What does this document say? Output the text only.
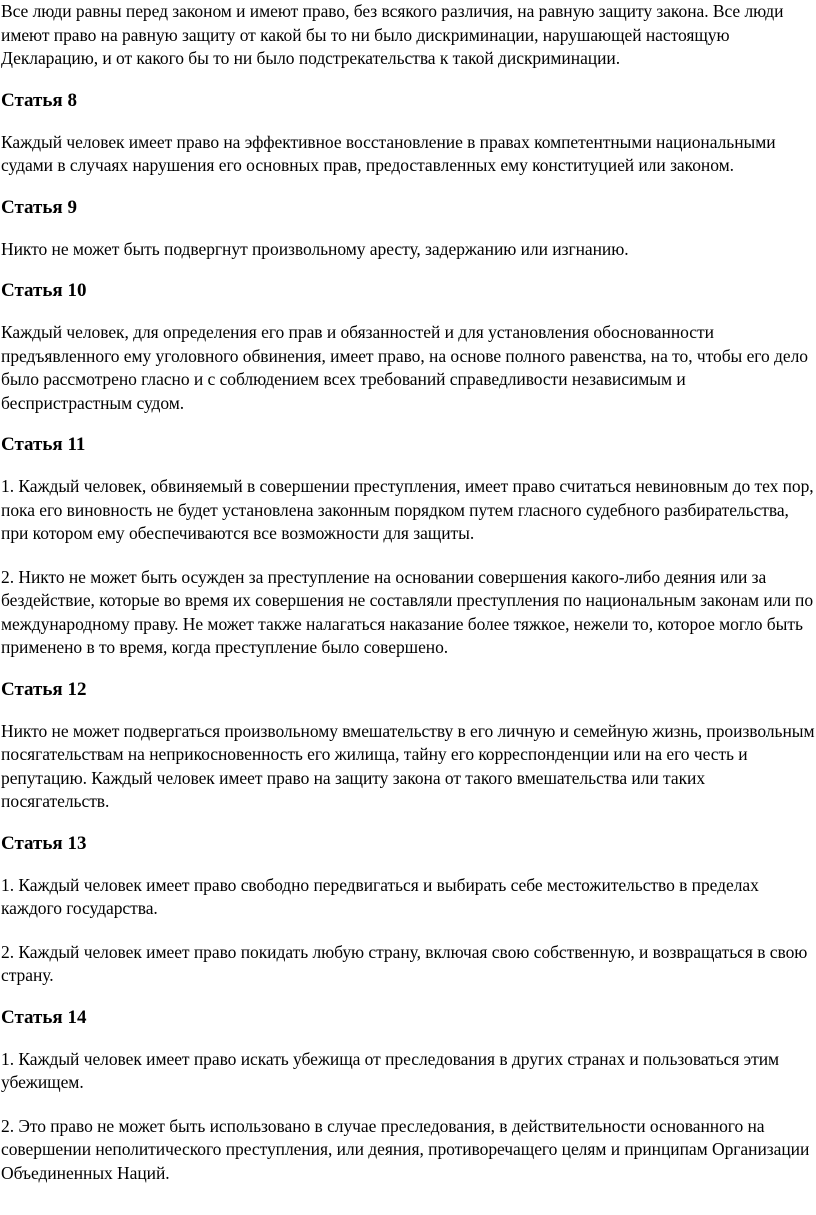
Все люди равны перед законом и имеют право, без всякого различия, на равную защиту закона. Все люди имеют право на равную защиту от какой бы то ни было дискриминации, нарушающей настоящую Декларацию, и от какого бы то ни было подстрекательства к такой дискриминации.

Статья 8

Каждый человек имеет право на эффективное восстановление в правах компетентными национальными судами в случаях нарушения его основных прав, предоставленных ему конституцией или законом.

Статья 9

Никто не может быть подвергнут произвольному аресту, задержанию или изгнанию.

Статья 10

Каждый человек, для определения его прав и обязанностей и для установления обоснованности предъявленного ему уголовного обвинения, имеет право, на основе полного равенства, на то, чтобы его дело было рассмотрено гласно и с соблюдением всех требований справедливости независимым и беспристрастным судом.

Статья 11

1. Каждый человек, обвиняемый в совершении преступления, имеет право считаться невиновным до тех пор, пока его виновность не будет установлена законным порядком путем гласного судебного разбирательства, при котором ему обеспечиваются все возможности для защиты.

2. Никто не может быть осужден за преступление на основании совершения какого-либо деяния или за бездействие, которые во время их совершения не составляли преступления по национальным законам или по международному праву. Не может также налагаться наказание более тяжкое, нежели то, которое могло быть применено в то время, когда преступление было совершено.

Статья 12

Никто не может подвергаться произвольному вмешательству в его личную и семейную жизнь, произвольным посягательствам на неприкосновенность его жилища, тайну его корреспонденции или на его честь и репутацию. Каждый человек имеет право на защиту закона от такого вмешательства или таких посягательств.

Статья 13

1. Каждый человек имеет право свободно передвигаться и выбирать себе местожительство в пределах каждого государства.

2. Каждый человек имеет право покидать любую страну, включая свою собственную, и возвращаться в свою страну.

Статья 14

1. Каждый человек имеет право искать убежища от преследования в других странах и пользоваться этим убежищем.

2. Это право не может быть использовано в случае преследования, в действительности основанного на совершении неполитического преступления, или деяния, противоречащего целям и принципам Организации Объединенных Наций.
